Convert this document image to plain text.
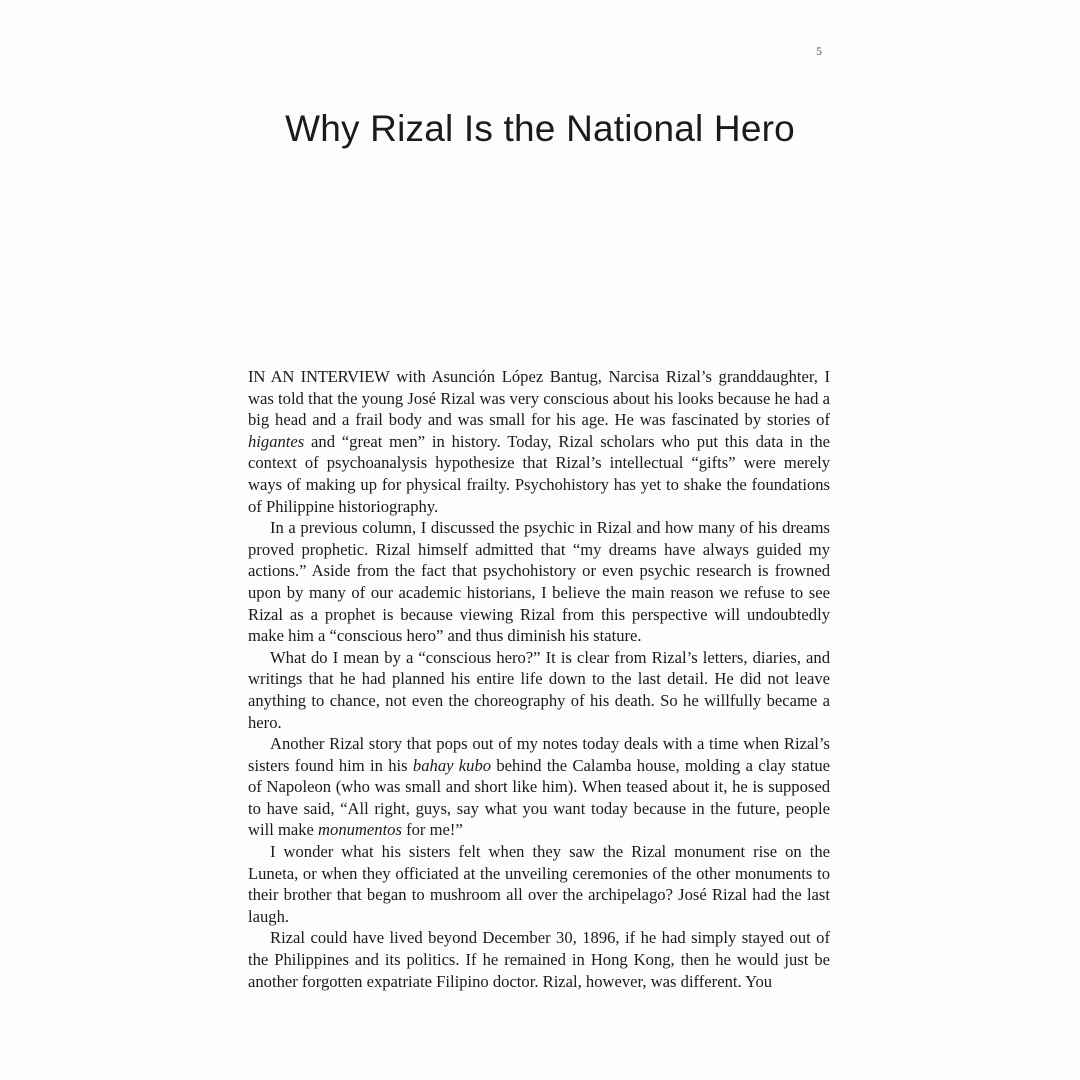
5
Why Rizal Is the National Hero

IN AN INTERVIEW with Asunción López Bantug, Narcisa Rizal’s granddaughter, I was told that the young José Rizal was very conscious about his looks because he had a big head and a frail body and was small for his age. He was fascinated by stories of higantes and “great men” in history. Today, Rizal scholars who put this data in the context of psychoanalysis hypothesize that Rizal’s intellectual “gifts” were merely ways of making up for physical frailty. Psychohistory has yet to shake the foundations of Philippine historiography.

In a previous column, I discussed the psychic in Rizal and how many of his dreams proved prophetic. Rizal himself admitted that “my dreams have always guided my actions.” Aside from the fact that psychohistory or even psychic research is frowned upon by many of our academic historians, I believe the main reason we refuse to see Rizal as a prophet is because viewing Rizal from this perspective will undoubtedly make him a “conscious hero” and thus diminish his stature.

What do I mean by a “conscious hero?” It is clear from Rizal’s letters, diaries, and writings that he had planned his entire life down to the last detail. He did not leave anything to chance, not even the choreography of his death. So he willfully became a hero.

Another Rizal story that pops out of my notes today deals with a time when Rizal’s sisters found him in his bahay kubo behind the Calamba house, molding a clay statue of Napoleon (who was small and short like him). When teased about it, he is supposed to have said, “All right, guys, say what you want today because in the future, people will make monumentos for me!”

I wonder what his sisters felt when they saw the Rizal monument rise on the Luneta, or when they officiated at the unveiling ceremonies of the other monuments to their brother that began to mushroom all over the archipelago? José Rizal had the last laugh.

Rizal could have lived beyond December 30, 1896, if he had simply stayed out of the Philippines and its politics. If he remained in Hong Kong, then he would just be another forgotten expatriate Filipino doctor. Rizal, however, was different. You
